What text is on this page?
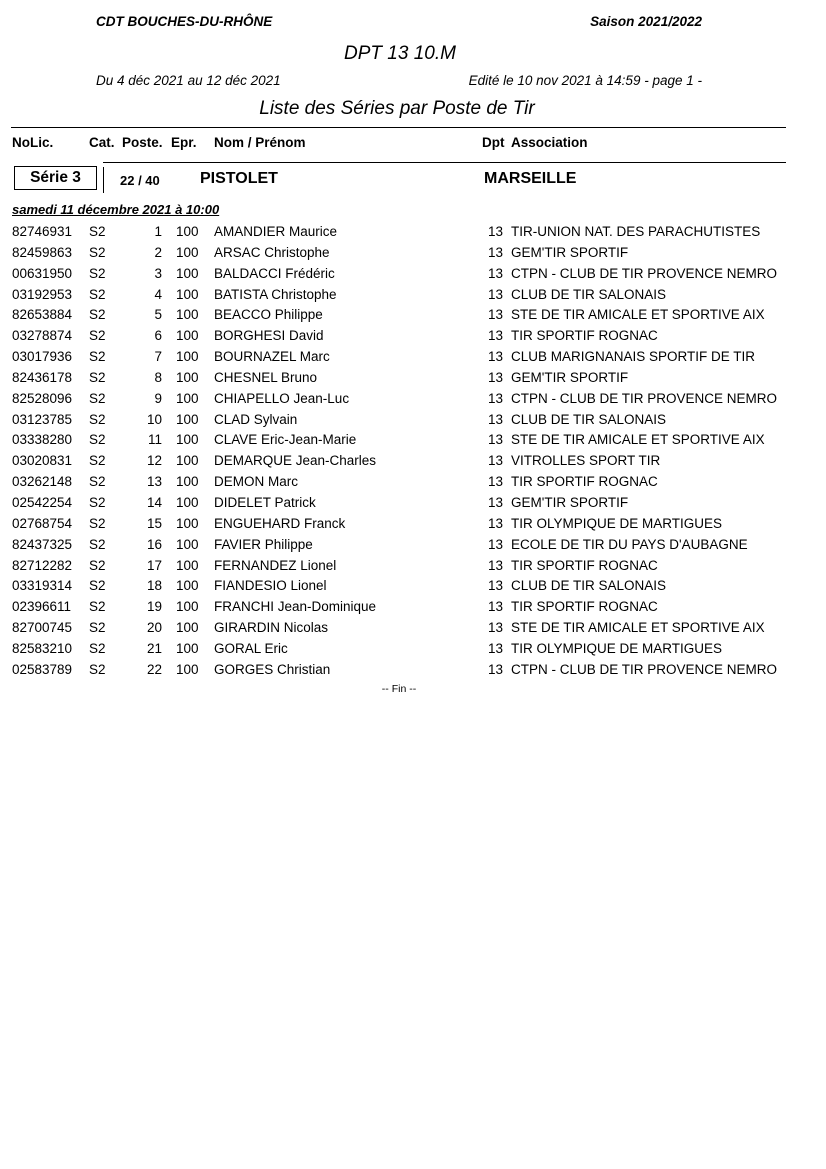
CDT BOUCHES-DU-RHÔNE	Saison 2021/2022
DPT 13 10.M
Du 4 déc 2021 au 12 déc 2021	Edité le 10 nov 2021 à 14:59 - page 1 -
Liste des Séries par Poste de Tir
NoLic.	Cat. Poste. Epr. Nom / Prénom	Dpt Association
Série 3	22 / 40	PISTOLET	MARSEILLE
samedi 11 décembre 2021 à 10:00
82746931 S2	1 100 AMANDIER Maurice	13 TIR-UNION NAT. DES PARACHUTISTES
82459863 S2	2 100 ARSAC Christophe	13 GEM'TIR SPORTIF
00631950 S2	3 100 BALDACCI Frédéric	13 CTPN - CLUB DE TIR PROVENCE NEMRO
03192953 S2	4 100 BATISTA Christophe	13 CLUB DE TIR SALONAIS
82653884 S2	5 100 BEACCO Philippe	13 STE DE TIR AMICALE ET SPORTIVE AIX
03278874 S2	6 100 BORGHESI David	13 TIR SPORTIF ROGNAC
03017936 S2	7 100 BOURNAZEL Marc	13 CLUB MARIGNANAIS SPORTIF DE TIR
82436178 S2	8 100 CHESNEL Bruno	13 GEM'TIR SPORTIF
82528096 S2	9 100 CHIAPELLO Jean-Luc	13 CTPN - CLUB DE TIR PROVENCE NEMRO
03123785 S2	10 100 CLAD Sylvain	13 CLUB DE TIR SALONAIS
03338280 S2	11 100 CLAVE Eric-Jean-Marie	13 STE DE TIR AMICALE ET SPORTIVE AIX
03020831 S2	12 100 DEMARQUE Jean-Charles	13 VITROLLES SPORT TIR
03262148 S2	13 100 DEMON Marc	13 TIR SPORTIF ROGNAC
02542254 S2	14 100 DIDELET Patrick	13 GEM'TIR SPORTIF
02768754 S2	15 100 ENGUEHARD Franck	13 TIR OLYMPIQUE DE MARTIGUES
82437325 S2	16 100 FAVIER Philippe	13 ECOLE DE TIR DU PAYS D'AUBAGNE
82712282 S2	17 100 FERNANDEZ Lionel	13 TIR SPORTIF ROGNAC
03319314 S2	18 100 FIANDESIO Lionel	13 CLUB DE TIR SALONAIS
02396611 S2	19 100 FRANCHI Jean-Dominique	13 TIR SPORTIF ROGNAC
82700745 S2	20 100 GIRARDIN Nicolas	13 STE DE TIR AMICALE ET SPORTIVE AIX
82583210 S2	21 100 GORAL Eric	13 TIR OLYMPIQUE DE MARTIGUES
02583789 S2	22 100 GORGES Christian	13 CTPN - CLUB DE TIR PROVENCE NEMRO
-- Fin --
